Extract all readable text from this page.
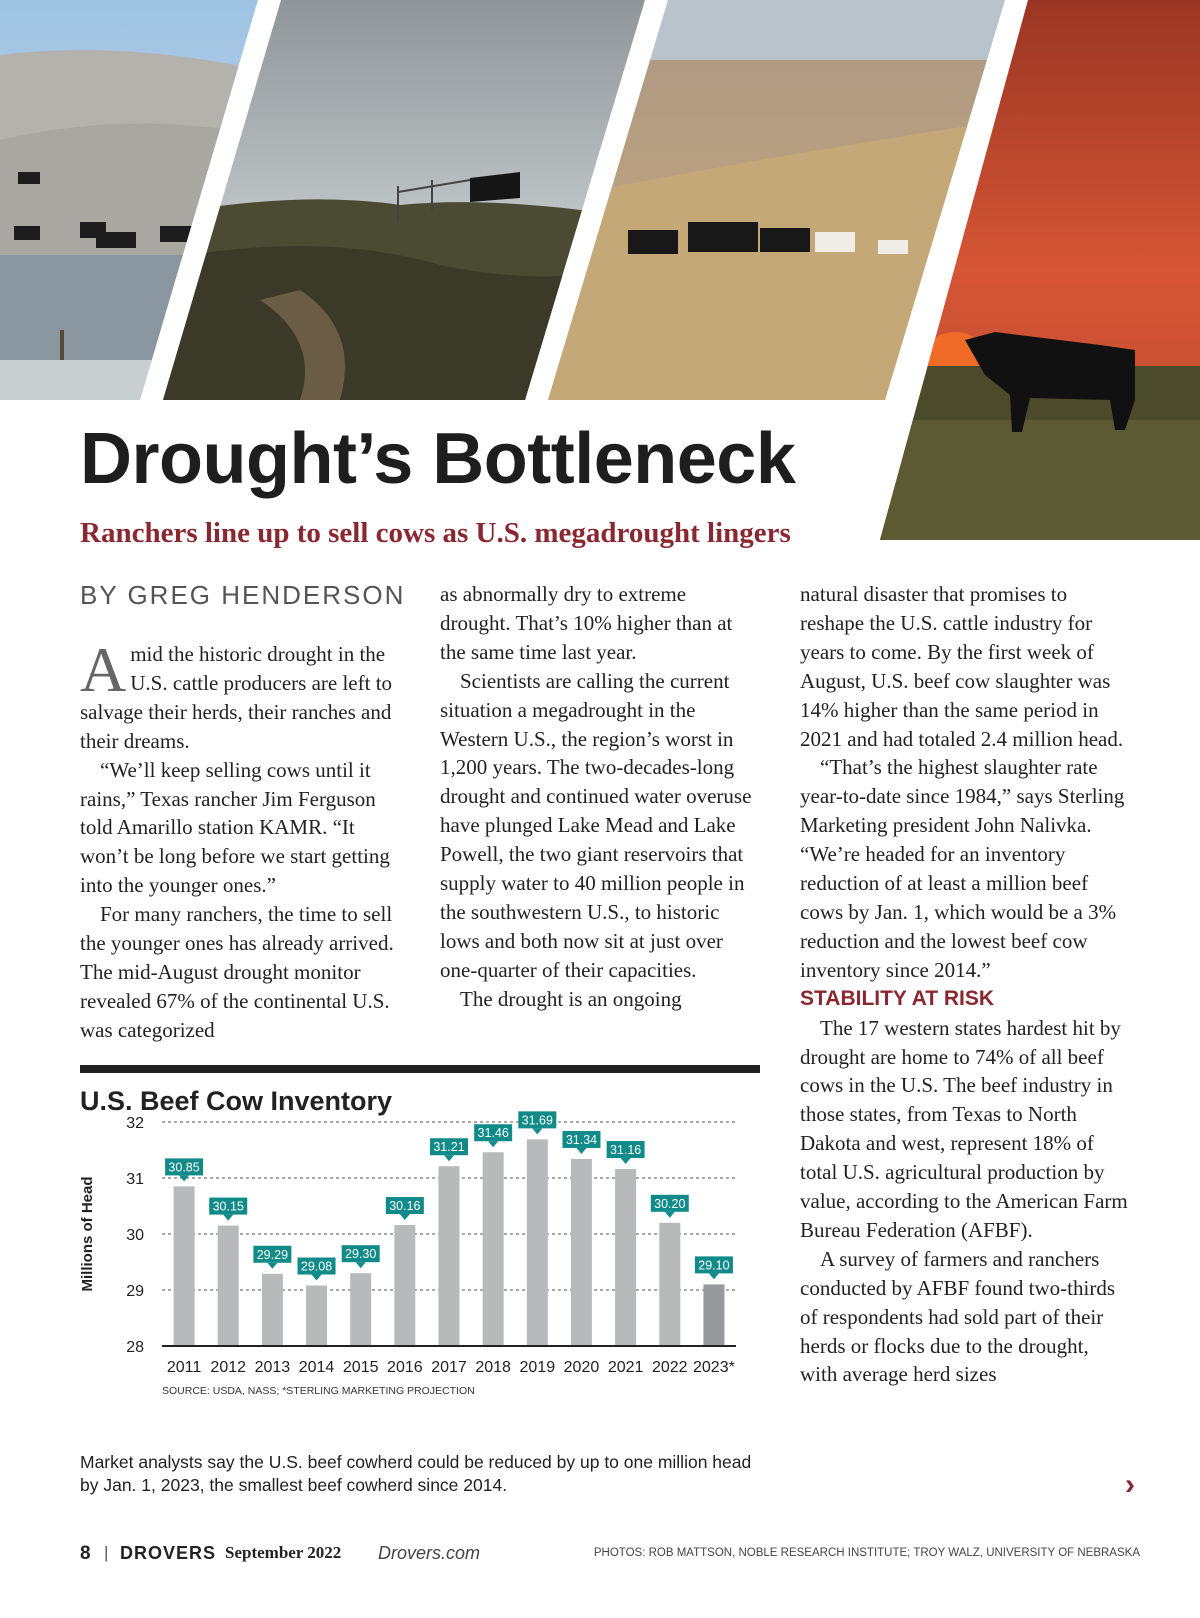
Drought’s Bottleneck
Ranchers line up to sell cows as U.S. megadrought lingers
BY GREG HENDERSON

Amid the historic drought in the U.S. cattle producers are left to salvage their herds, their ranches and their dreams.

“We’ll keep selling cows until it rains,” Texas rancher Jim Ferguson told Amarillo station KAMR. “It won’t be long before we start getting into the younger ones.”

For many ranchers, the time to sell the younger ones has already arrived. The mid-August drought monitor revealed 67% of the continental U.S. was categorized

as abnormally dry to extreme drought. That’s 10% higher than at the same time last year.

Scientists are calling the current situation a megadrought in the Western U.S., the region’s worst in 1,200 years. The two-decades-long drought and continued water overuse have plunged Lake Mead and Lake Powell, the two giant reservoirs that supply water to 40 million people in the southwestern U.S., to historic lows and both now sit at just over one-quarter of their capacities.

The drought is an ongoing

natural disaster that promises to reshape the U.S. cattle industry for years to come. By the first week of August, U.S. beef cow slaughter was 14% higher than the same period in 2021 and had totaled 2.4 million head.

“That’s the highest slaughter rate year-to-date since 1984,” says Sterling Marketing president John Nalivka. “We’re headed for an inventory reduction of at least a million beef cows by Jan. 1, which would be a 3% reduction and the lowest beef cow inventory since 2014.”

STABILITY AT RISK

The 17 western states hardest hit by drought are home to 74% of all beef cows in the U.S. The beef industry in those states, from Texas to North Dakota and west, represent 18% of total U.S. agricultural production by value, according to the American Farm Bureau Federation (AFBF).

A survey of farmers and ranchers conducted by AFBF found two-thirds of respondents had sold part of their herds or flocks due to the drought, with average herd sizes

›
U.S. Beef Cow Inventory
Millions of Head
28
29
30
31
32
30.85
2011
30.15
2012
29.29
2013
29.08
2014
29.30
2015
30.16
2016
31.21
2017
31.46
2018
31.69
2019
31.34
2020
31.16
2021
30.20
2022
29.10
2023*
SOURCE: USDA, NASS; *STERLING MARKETING PROJECTION

Market analysts say the U.S. beef cowherd could be reduced by up to one million head by Jan. 1, 2023, the smallest beef cowherd since 2014.

8 | DROVERS September 2022 Drovers.com	PHOTOS: ROB MATTSON, NOBLE RESEARCH INSTITUTE; TROY WALZ, UNIVERSITY OF NEBRASKA
